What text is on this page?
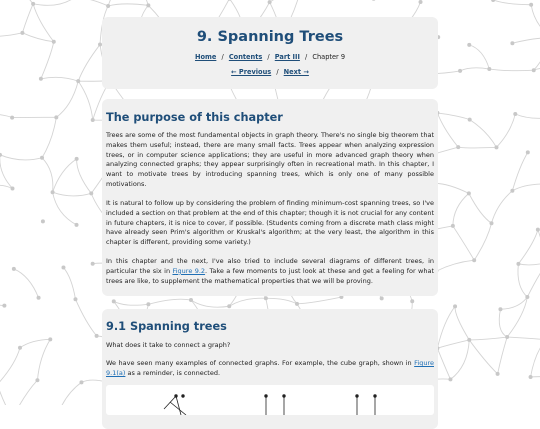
9. Spanning Trees
Home / Contents / Part III / Chapter 9
← Previous / Next →
The purpose of this chapter

Trees are some of the most fundamental objects in graph theory. There's no single big theorem that makes them useful; instead, there are many small facts. Trees appear when analyzing expression trees, or in computer science applications; they are useful in more advanced graph theory when analyzing connected graphs; they appear surprisingly often in recreational math. In this chapter, I want to motivate trees by introducing spanning trees, which is only one of many possible motivations.

It is natural to follow up by considering the problem of finding minimum-cost spanning trees, so I've included a section on that problem at the end of this chapter; though it is not crucial for any content in future chapters, it is nice to cover, if possible. (Students coming from a discrete math class might have already seen Prim's algorithm or Kruskal's algorithm; at the very least, the algorithm in this chapter is different, providing some variety.)

In this chapter and the next, I've also tried to include several diagrams of different trees, in particular the six in Figure 9.2. Take a few moments to just look at these and get a feeling for what trees are like, to supplement the mathematical properties that we will be proving.

9.1 Spanning trees

What does it take to connect a graph?

We have seen many examples of connected graphs. For example, the cube graph, shown in Figure 9.1(a) as a reminder, is connected.
